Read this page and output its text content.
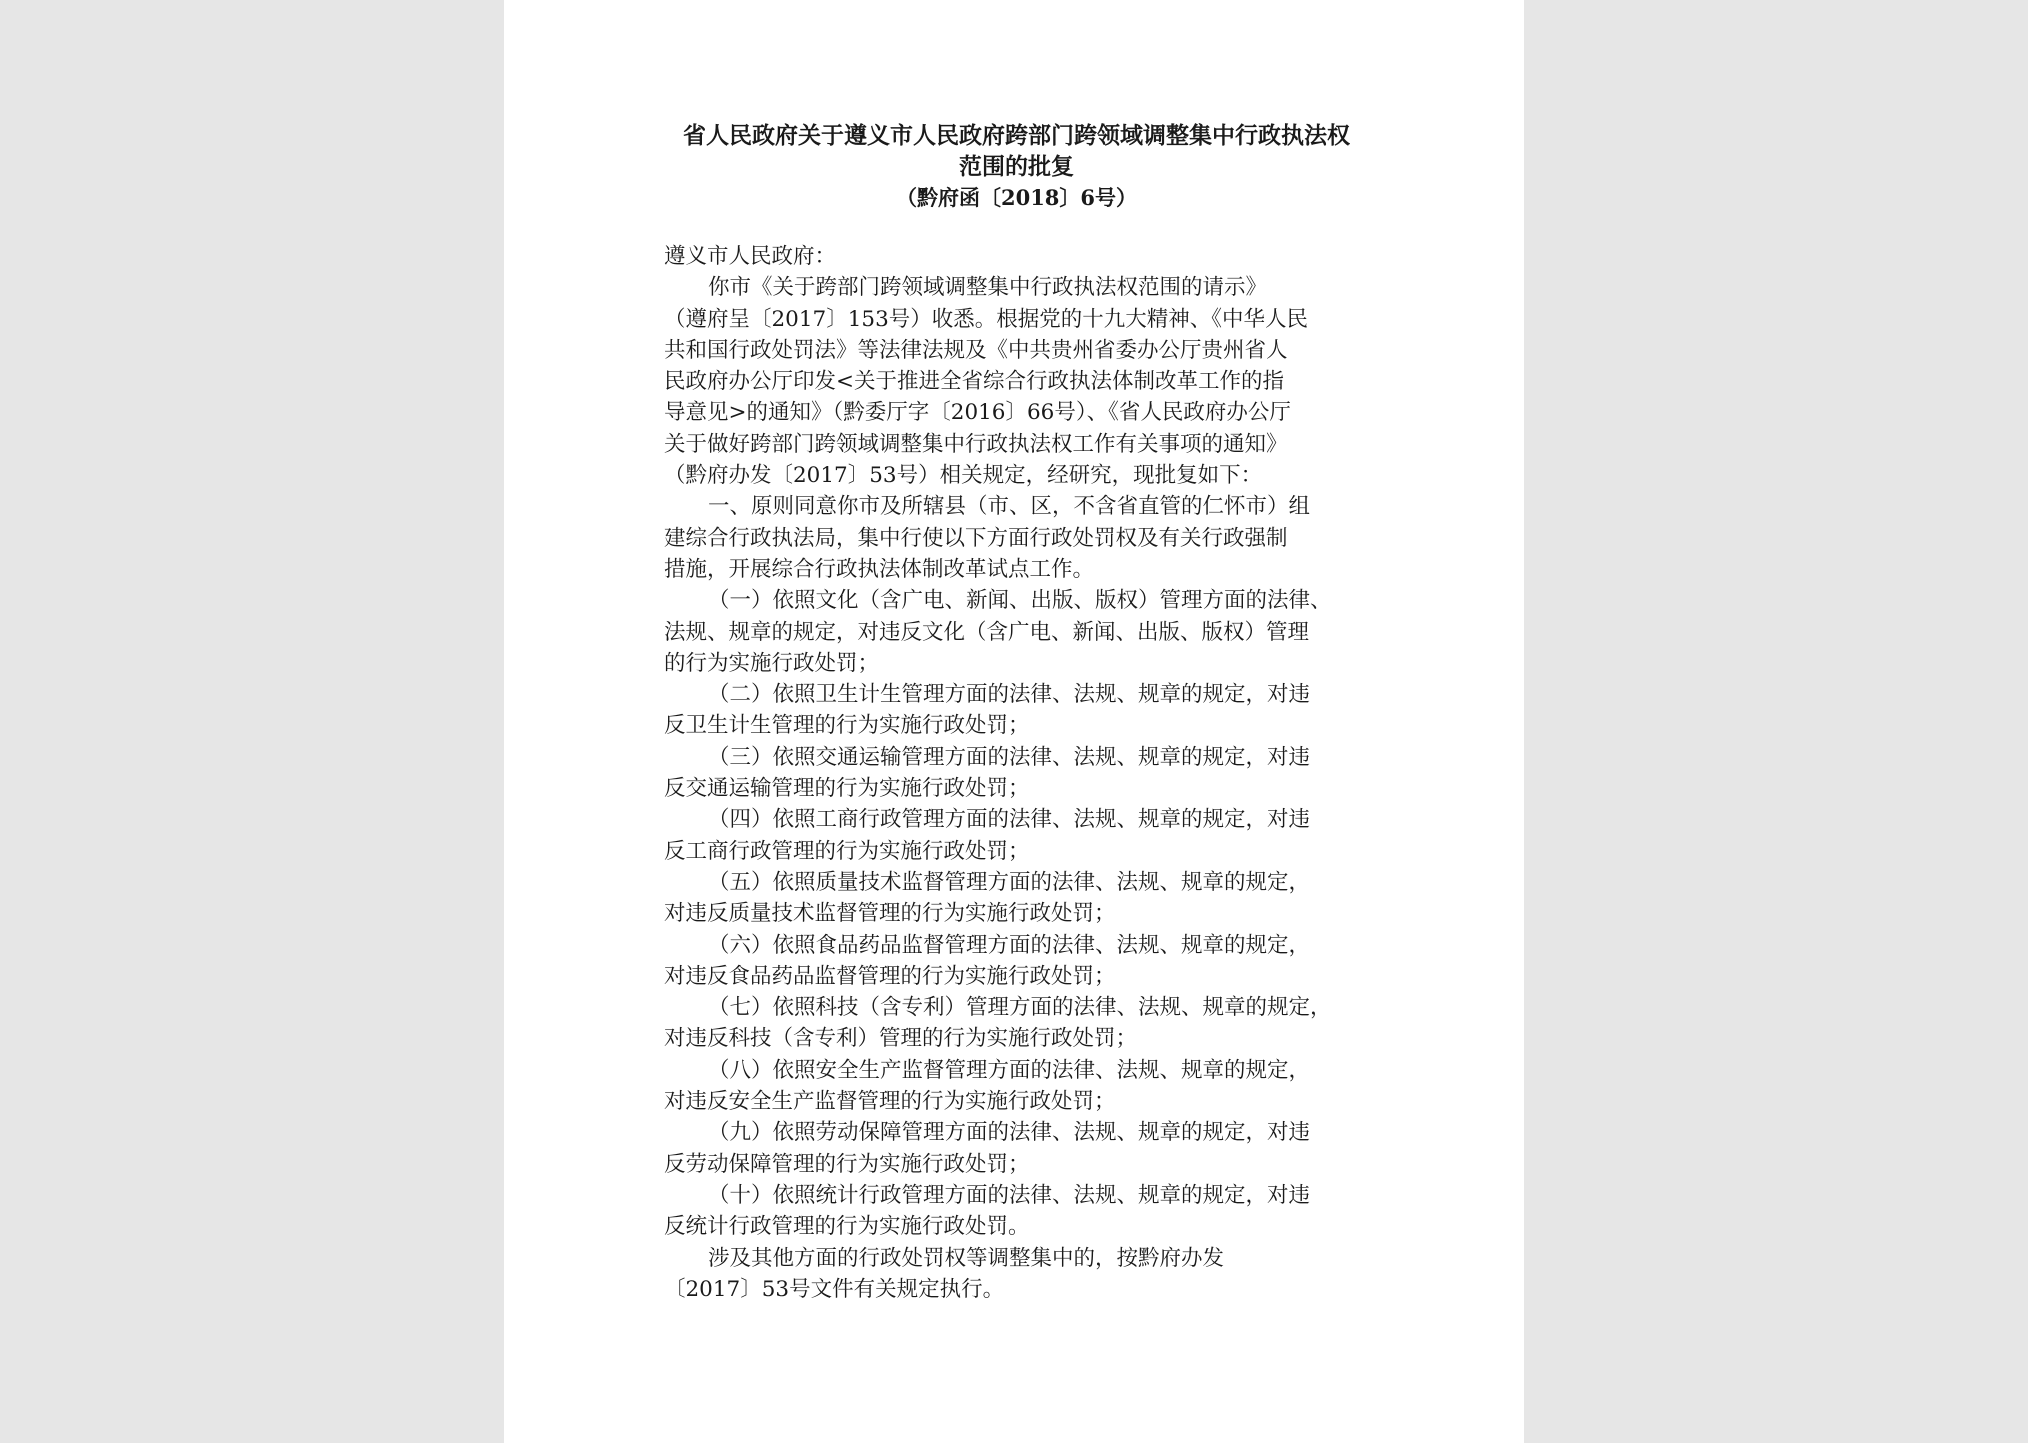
省人民政府关于遵义市人民政府跨部门跨领域调整集中行政执法权
范围的批复
（黔府函〔2018〕6号）
遵义市人民政府：
你市《关于跨部门跨领域调整集中行政执法权范围的请示》
（遵府呈〔2017〕153号）收悉。根据党的十九大精神、《中华人民
共和国行政处罚法》等法律法规及《中共贵州省委办公厅贵州省人
民政府办公厅印发<关于推进全省综合行政执法体制改革工作的指
导意见>的通知》（黔委厅字〔2016〕66号）、《省人民政府办公厅
关于做好跨部门跨领域调整集中行政执法权工作有关事项的通知》
（黔府办发〔2017〕53号）相关规定，经研究，现批复如下：
一、原则同意你市及所辖县（市、区，不含省直管的仁怀市）组
建综合行政执法局，集中行使以下方面行政处罚权及有关行政强制
措施，开展综合行政执法体制改革试点工作。
（一）依照文化（含广电、新闻、出版、版权）管理方面的法律、
法规、规章的规定，对违反文化（含广电、新闻、出版、版权）管理
的行为实施行政处罚；
（二）依照卫生计生管理方面的法律、法规、规章的规定，对违
反卫生计生管理的行为实施行政处罚；
（三）依照交通运输管理方面的法律、法规、规章的规定，对违
反交通运输管理的行为实施行政处罚；
（四）依照工商行政管理方面的法律、法规、规章的规定，对违
反工商行政管理的行为实施行政处罚；
（五）依照质量技术监督管理方面的法律、法规、规章的规定，
对违反质量技术监督管理的行为实施行政处罚；
（六）依照食品药品监督管理方面的法律、法规、规章的规定，
对违反食品药品监督管理的行为实施行政处罚；
（七）依照科技（含专利）管理方面的法律、法规、规章的规定，
对违反科技（含专利）管理的行为实施行政处罚；
（八）依照安全生产监督管理方面的法律、法规、规章的规定，
对违反安全生产监督管理的行为实施行政处罚；
（九）依照劳动保障管理方面的法律、法规、规章的规定，对违
反劳动保障管理的行为实施行政处罚；
（十）依照统计行政管理方面的法律、法规、规章的规定，对违
反统计行政管理的行为实施行政处罚。
涉及其他方面的行政处罚权等调整集中的，按黔府办发
〔2017〕53号文件有关规定执行。
